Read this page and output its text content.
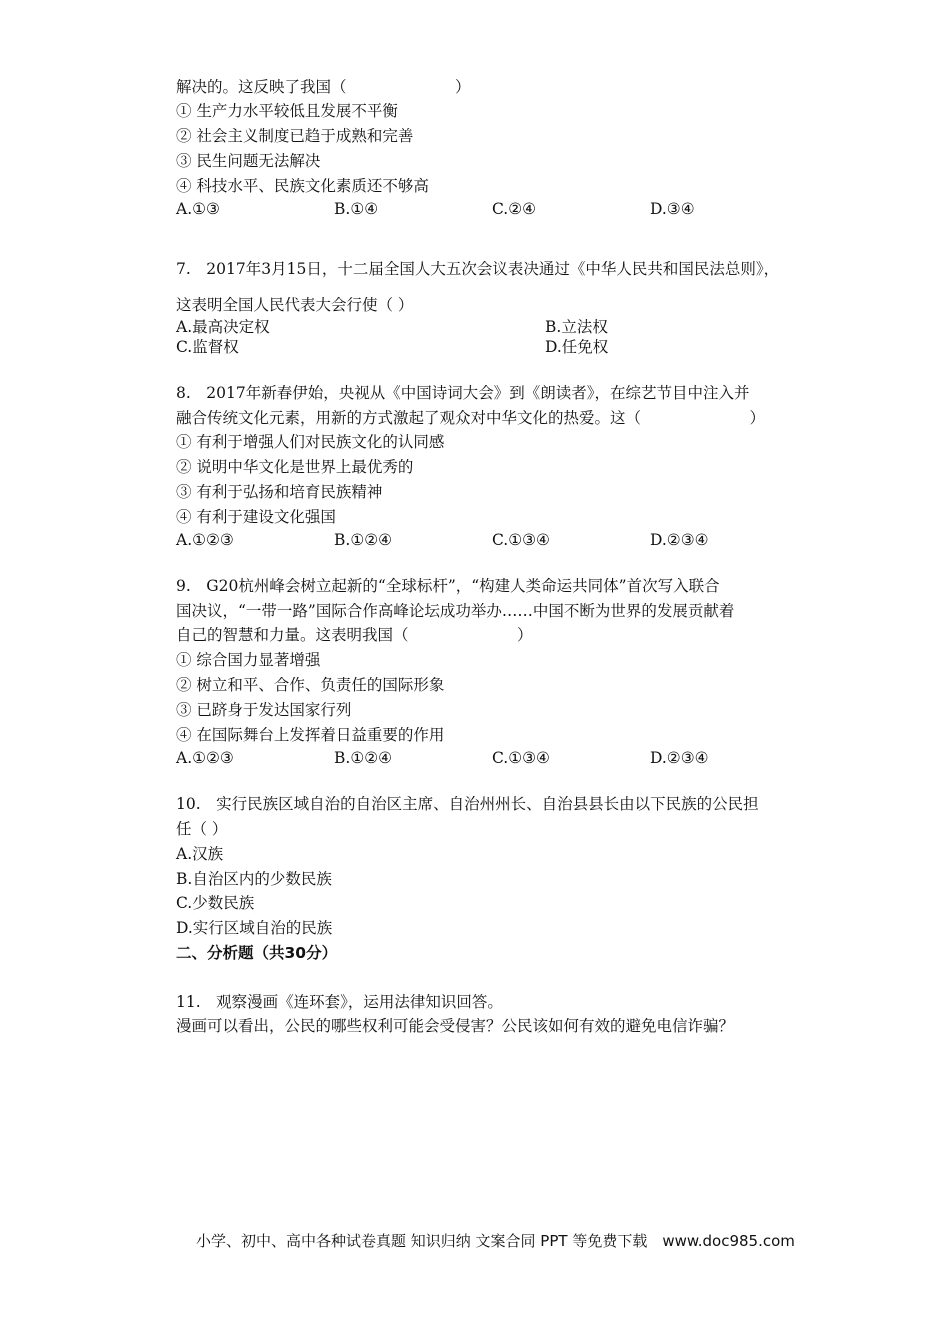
解决的。这反映了我国（　　　　　　　）
① 生产力水平较低且发展不平衡
② 社会主义制度已趋于成熟和完善
③ 民生问题无法解决
④ 科技水平、民族文化素质还不够高
A.①③	B.①④	C.②④	D.③④
7.　2017年3月15日，十二届全国人大五次会议表决通过《中华人民共和国民法总则》，
这表明全国人民代表大会行使（ ）
A.最高决定权	B.立法权
C.监督权	D.任免权
8.　2017年新春伊始，央视从《中国诗词大会》到《朗读者》，在综艺节目中注入并
融合传统文化元素，用新的方式激起了观众对中华文化的热爱。这（　　　　　　　）
① 有利于增强人们对民族文化的认同感
② 说明中华文化是世界上最优秀的
③ 有利于弘扬和培育民族精神
④ 有利于建设文化强国
A.①②③	B.①②④	C.①③④	D.②③④
9.　G20杭州峰会树立起新的“全球标杆”，“构建人类命运共同体”首次写入联合
国决议，“一带一路”国际合作高峰论坛成功举办……中国不断为世界的发展贡献着
自己的智慧和力量。这表明我国（　　　　　　　）
① 综合国力显著增强
② 树立和平、合作、负责任的国际形象
③ 已跻身于发达国家行列
④ 在国际舞台上发挥着日益重要的作用
A.①②③	B.①②④	C.①③④	D.②③④
10.　实行民族区域自治的自治区主席、自治州州长、自治县县长由以下民族的公民担
任（ ）
A.汉族
B.自治区内的少数民族
C.少数民族
D.实行区域自治的民族
二、分析题（共30分）
11.　观察漫画《连环套》，运用法律知识回答。
漫画可以看出，公民的哪些权利可能会受侵害？公民该如何有效的避免电信诈骗？
小学、初中、高中各种试卷真题 知识归纳 文案合同 PPT 等免费下载　www.doc985.com
